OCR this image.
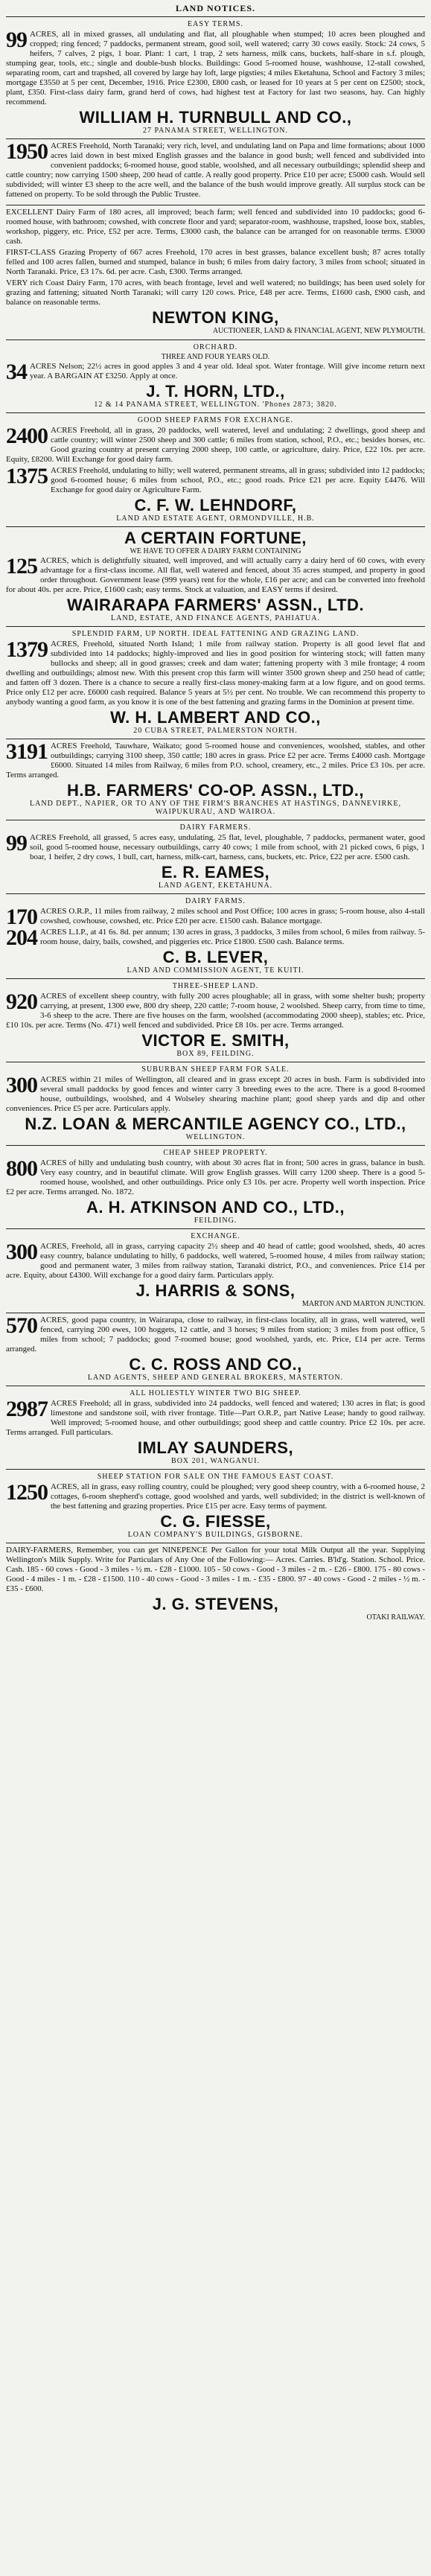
LAND NOTICES.
EASY TERMS.
99 ACRES, all in mixed grasses, all undulating and flat, all ploughable when stumped; 10 acres been ploughed and cropped; ring fenced; 7 paddocks, permanent stream, good soil, well watered; carry 30 cows easily. Stock: 24 cows, 5 heifers, 7 calves, 2 pigs, 1 boar. Plant: 1 cart, 1 trap, 2 sets harness, milk cans, buckets, half-share in s.f. plough, stumping gear, tools, etc.; single and double-bush blocks. Buildings: Good 5-roomed house, washhouse, 12-stall cowshed, separating room, cart and trapshed, all covered by large hay loft, large pigsties; 4 miles Eketahuna, School and Factory 3 miles; mortgage £3550 at 5 per cent, December, 1916. Price £2300, £800 cash, or leased for 10 years at 5 per cent on £2500; stock, plant, £350. First-class dairy farm, grand herd of cows, had highest test at Factory for last two seasons, hay. Can highly recommend.
WILLIAM H. TURNBULL AND CO.,
27 PANAMA STREET, WELLINGTON.
1950 ACRES Freehold, North Taranaki; very rich, level, and undulating land on Papa and lime formations; about 1000 acres laid down in best mixed English grasses and the balance in good bush; well fenced and subdivided into convenient paddocks; 6-roomed house, good stable, woolshed, and all necessary outbuildings; splendid sheep and cattle country; now carrying 1500 sheep, 200 head of cattle. A really good property. Price £10 per acre; £5000 cash. Would sell subdivided; will winter £3 sheep to the acre well, and the balance of the bush would improve greatly. All surplus stock can be fattened on property. To be sold through the Public Trustee.
EXCELLENT Dairy Farm of 180 acres, all improved; beach farm; well fenced and subdivided into 10 paddocks; good 6-roomed house, with bathroom; cowshed, with concrete floor and yard; separator-room, washhouse, trapshed, loose box, stables, workshop, piggery, etc. Price, £52 per acre. Terms, £3000 cash, the balance can be arranged for on reasonable terms. £3000 cash.
FIRST-CLASS Grazing Property of 667 acres Freehold, 170 acres in best grasses, balance excellent bush; 87 acres totally felled and 100 acres fallen, burned and stumped, balance in bush; 6 miles from dairy factory, 3 miles from school; situated in North Taranaki. Price, £3 17s. 6d. per acre. Cash, £300. Terms arranged.
VERY rich Coast Dairy Farm, 170 acres, with beach frontage, level and well watered; no buildings; has been used solely for grazing and fattening; situated North Taranaki; will carry 120 cows. Price, £48 per acre. Terms, £1600 cash, £900 cash, and balance on reasonable terms.
NEWTON KING,
AUCTIONEER, LAND & FINANCIAL AGENT, NEW PLYMOUTH.
ORCHARD.
THREE AND FOUR YEARS OLD.
34 ACRES Nelson; 22½ acres in good apples 3 and 4 year old. Ideal spot. Water frontage. Will give income return next year. A BARGAIN AT £3250. Apply at once.
J. T. HORN, LTD.,
12 & 14 PANAMA STREET, WELLINGTON. 'Phones 2873; 3820.
GOOD SHEEP FARMS FOR EXCHANGE.
2400 ACRES Freehold, all in grass, 20 paddocks, well watered, level and undulating; 2 dwellings, good sheep and cattle country; will winter 2500 sheep and 300 cattle; 6 miles from station, school, P.O., etc.; besides horses, etc. Good grazing country at present carrying 2000 sheep, 100 cattle, or agriculture, dairy. Price, £22 10s. per acre. Equity, £8200. Will Exchange for good dairy farm.
1375 ACRES Freehold, undulating to hilly; well watered, permanent streams, all in grass; subdivided into 12 paddocks; good 6-roomed house; 6 miles from school, P.O., etc.; good roads. Price £21 per acre. Equity £4476. Will Exchange for good dairy or Agriculture Farm.
C. F. W. LEHNDORF,
LAND AND ESTATE AGENT, ORMONDVILLE, H.B.
A CERTAIN FORTUNE,
WE HAVE TO OFFER A DAIRY FARM CONTAINING
125 ACRES, which is delightfully situated, well improved, and will actually carry a dairy herd of 60 cows, with every advantage for a first-class income. All flat, well watered and fenced, about 35 acres stumped, and property in good order throughout. Government lease (999 years) rent for the whole, £16 per acre; and can be converted into freehold for about 40s. per acre. Price, £1600 cash; easy terms. Stock at valuation, and EASY terms if desired.
WAIRARAPA FARMERS' ASSN., LTD.
LAND, ESTATE, AND FINANCE AGENTS, PAHIATUA.
SPLENDID FARM, UP NORTH. IDEAL FATTENING AND GRAZING LAND.
1379 ACRES, Freehold, situated North Island; 1 mile from railway station. Property is all good level flat and subdivided into 14 paddocks; highly-improved and lies in good position for wintering stock; will fatten many bullocks and sheep; all in good grasses; creek and dam water; fattening property with 3 mile frontage; 4 room dwelling and outbuildings; almost new. With this present crop this farm will winter 3500 grown sheep and 250 head of cattle; and fatten off 3 dozen. There is a chance to secure a really first-class money-making farm at a low figure, and on good terms. Price only £12 per acre. £6000 cash required. Balance 5 years at 5½ per cent. No trouble. We can recommend this property to anybody wanting a good farm, as you know it is one of the best fattening and grazing farms in the Dominion at present time.
W. H. LAMBERT AND CO.,
20 CUBA STREET, PALMERSTON NORTH.
3191 ACRES Freehold, Tauwhare, Waikato; good 5-roomed house and conveniences, woolshed, stables, and other outbuildings; carrying 3100 sheep, 350 cattle; 180 acres in grass. Price £2 per acre. Terms £4000 cash. Mortgage £6000. Situated 14 miles from Railway, 6 miles from P.O. school, creamery, etc., 2 miles. Price £3 10s. per acre. Terms arranged.
H.B. FARMERS' CO-OP. ASSN., LTD.,
LAND DEPT., NAPIER, OR TO ANY OF THE FIRM'S BRANCHES AT HASTINGS, DANNEVIRKE, WAIPUKURAU, AND WAIROA.
DAIRY FARMERS.
99 ACRES Freehold, all grassed, 5 acres easy, undulating, 25 flat, level, ploughable, 7 paddocks, permanent water, good soil, good 5-roomed house, necessary outbuildings, carry 40 cows; 1 mile from school, with 21 picked cows, 6 pigs, 1 boar, 1 heifer, 2 dry cows, 1 bull, cart, harness, milk-cart, harness, cans, buckets, etc. Price, £22 per acre. £500 cash.
E. R. EAMES,
LAND AGENT, EKETAHUNA.
DAIRY FARMS.
170 ACRES O.R.P., 11 miles from railway, 2 miles school and Post Office; 100 acres in grass; 5-room house, also 4-stall cowshed, cowhouse, cowshed, etc. Price £20 per acre. £1500 cash. Balance mortgage.
204 ACRES L.I.P., at 41 6s. 8d. per annum; 130 acres in grass, 3 paddocks, 3 miles from school, 6 miles from railway. 5-room house, dairy, bails, cowshed, and piggeries etc. Price £1800. £500 cash. Balance terms.
C. B. LEVER,
LAND AND COMMISSION AGENT, TE KUITI.
THREE-SHEEP LAND.
920 ACRES of excellent sheep country, with fully 200 acres ploughable; all in grass, with some shelter bush; property carrying, at present, 1300 ewe, 800 dry sheep, 220 cattle; 7-room house, 2 woolshed. Sheep carry, from time to time, 3-6 sheep to the acre. There are five houses on the farm, woolshed (accommodating 2000 sheep), stables; etc. Price, £10 10s. per acre. Terms (No. 471) well fenced and subdivided. Price £8 10s. per acre. Terms arranged.
VICTOR E. SMITH,
BOX 89, FEILDING.
SUBURBAN SHEEP FARM FOR SALE.
300 ACRES within 21 miles of Wellington, all cleared and in grass except 20 acres in bush. Farm is subdivided into several small paddocks by good fences and winter carry 3 breeding ewes to the acre. There is a good 8-roomed house, outbuildings, woolshed, and 4 Wolseley shearing machine plant; good sheep yards and dip and other conveniences. Price £5 per acre. Particulars apply.
N.Z. LOAN & MERCANTILE AGENCY CO., LTD.,
WELLINGTON.
CHEAP SHEEP PROPERTY.
800 ACRES of hilly and undulating bush country, with about 30 acres flat in front; 500 acres in grass, balance in bush. Very easy country, and in beautiful climate. Will grow English grasses. Will carry 1200 sheep. There is a good 5-roomed house, woolshed, and other outbuildings. Price only £3 10s. per acre. Property well worth inspection. Price £2 per acre. Terms arranged. No. 1872.
A. H. ATKINSON AND CO., LTD.,
FEILDING.
EXCHANGE.
300 ACRES, Freehold, all in grass, carrying capacity 2½ sheep and 40 head of cattle; good woolshed, sheds, 40 acres easy country, balance undulating to hilly, 6 paddocks, well watered, 5-roomed house, 4 miles from railway station; good and permanent water, 3 miles from railway station, Taranaki district, P.O., and conveniences. Price £14 per acre. Equity, about £4300. Will exchange for a good dairy farm. Particulars apply.
J. HARRIS & SONS,
MARTON AND MARTON JUNCTION.
570 ACRES, good papa country, in Wairarapa, close to railway, in first-class locality, all in grass, well watered, well fenced, carrying 200 ewes, 100 hoggets, 12 cattle, and 3 horses; 9 miles from station; 3 miles from post office, 5 miles from school; 7 paddocks; good 7-roomed house; good woolshed, yards, etc. Price, £14 per acre. Terms arranged.
C. C. ROSS AND CO.,
LAND AGENTS, SHEEP AND GENERAL BROKERS, MASTERTON.
ALL HOLIESTLY WINTER TWO BIG SHEEP.
2987 ACRES Freehold; all in grass, subdivided into 24 paddocks, well fenced and watered; 130 acres in flat; is good limestone and sandstone soil, with river frontage. Title—Part O.R.P., part Native Lease; handy to good railway. Well improved; 5-roomed house, and other outbuildings; good sheep and cattle country. Price £2 10s. per acre. Terms arranged. Full particulars.
IMLAY SAUNDERS,
BOX 201, WANGANUI.
SHEEP STATION FOR SALE ON THE FAMOUS EAST COAST.
1250 ACRES, all in grass, easy rolling country, could be ploughed; very good sheep country, with a 6-roomed house, 2 cottages, 6-room shepherd's cottage, good woolshed and yards, well subdivided; in the district is well-known of the best fattening and grazing properties. Price £15 per acre. Easy terms of payment.
C. G. FIESSE,
LOAN COMPANY'S BUILDINGS, GISBORNE.
DAIRY-FARMERS, Remember, you can get NINEPENCE Per Gallon for your total Milk Output all the year. Supplying Wellington's Milk Supply. Write for Particulars of Any One of the Following:— Acres. Carries. B'ld'g. Station. School. Price. Cash. 185 - 60 cows - Good - 3 miles - ½ m. - £28 - £1000. 105 - 50 cows - Good - 3 miles - 2 m. - £26 - £800. 175 - 80 cows - Good - 4 miles - 1 m. - £28 - £1500. 110 - 40 cows - Good - 3 miles - 1 m. - £35 - £800. 97 - 40 cows - Good - 2 miles - ½ m. - £35 - £600.
J. G. STEVENS,
OTAKI RAILWAY.
